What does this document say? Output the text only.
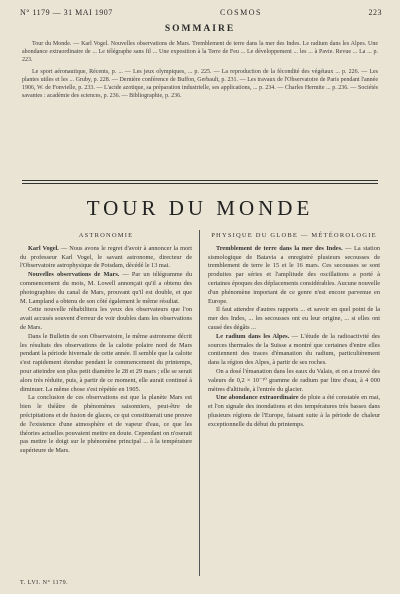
N° 1179 — 31 MAI 1907	COSMOS	223
SOMMAIRE

Tour du Monde. — Karl Vogel. Nouvelles observations de Mars. Tremblement de terre dans la mer des Indes. Le radium dans les Alpes. Une abondance extraordinaire de ... Le télégraphe sans fil ... Une exposition à la Terre de Feu ... Le développement ... les ... à Pavie. Revue ... La ... p. 223.

Le sport aéronautique, Récents, p. ... — Les jeux olympiques, ... p. 225. — La reproduction de la fécondité des végétaux ... p. 226. — Les plantes utiles et les ... Gruby, p. 228. — Dernière conférence de Buffon, Gerbault, p. 231. — Les travaux de l'Observatoire de Paris pendant l'année 1906, W. de Fonvielle, p. 233. — L'acide azotique, sa préparation industrielle, ses applications, ... p. 234. — Charles Hermite ... p. 236. — Sociétés savantes : académie des sciences, p. 236. — Bibliographie, p. 236.

TOUR DU MONDE
ASTRONOMIE

Karl Vogel. — Nous avons le regret d'avoir à annoncer la mort du professeur Karl Vogel, le savant astronome, directeur de l'Observatoire astrophysique de Potsdam, décédé le 13 mai.

Nouvelles observations de Mars. — Par un télégramme du commencement du mois, M. Lowell annonçait qu'il a obtenu des photographies du canal de Mars, prouvant qu'il est double, et que M. Lampland a obtenu de son côté également le même résultat.

Cette nouvelle réhabilitera les yeux des observateurs que l'on avait accusés souvent d'erreur de voir doubles dans les observations de Mars.

Dans le Bulletin de son Observatoire, le même astronome décrit les résultats des observations de la calotte polaire nord de Mars pendant la période hivernale de cette année. Il semble que la calotte s'est rapidement étendue pendant le commencement du printemps, pour atteindre son plus petit diamètre le 28 et 29 mars ; elle se serait alors très réduite, puis, à partir de ce moment, elle aurait continué à diminuer. La même chose s'est répétée en 1905.

La conclusion de ces observations est que la planète Mars est bien le théâtre de phénomènes saisonniers, peut-être de précipitations et de fusion de glaces, ce qui constituerait une preuve de l'existence d'une atmosphère et de vapeur d'eau, ce que les théories actuelles pouvaient mettre en doute. Cependant on n'oserait pas mettre le doigt sur le phénomène principal ... à la température supérieure de Mars.

PHYSIQUE DU GLOBE — MÉTÉOROLOGIE

Tremblement de terre dans la mer des Indes. — La station sismologique de Batavia a enregistré plusieurs secousses de tremblement de terre le 15 et le 16 mars. Ces secousses se sont produites par séries et l'amplitude des oscillations a porté à certaines époques des déplacements considérables. Aucune nouvelle d'un phénomène important de ce genre n'est encore parvenue en Europe.

Il faut attendre d'autres rapports ... et savoir en quel point de la mer des Indes, ... les secousses ont eu leur origine, ... si elles ont causé des dégâts ...

Le radium dans les Alpes. — L'étude de la radioactivité des sources thermales de la Suisse a montré que certaines d'entre elles contiennent des traces d'émanation du radium, particulièrement dans la région des Alpes, à partir de ses roches.

On a dosé l'émanation dans les eaux du Valais, et on a trouvé des valeurs de 0,2 × 10⁻¹⁰ gramme de radium par litre d'eau, à 4 000 mètres d'altitude, à l'entrée du glacier.

Une abondance extraordinaire de pluie a été constatée en mai, et l'on signale des inondations et des températures très basses dans plusieurs régions de l'Europe, faisant suite à la période de chaleur exceptionnelle du début du printemps.

T. LVI. N° 1179.
